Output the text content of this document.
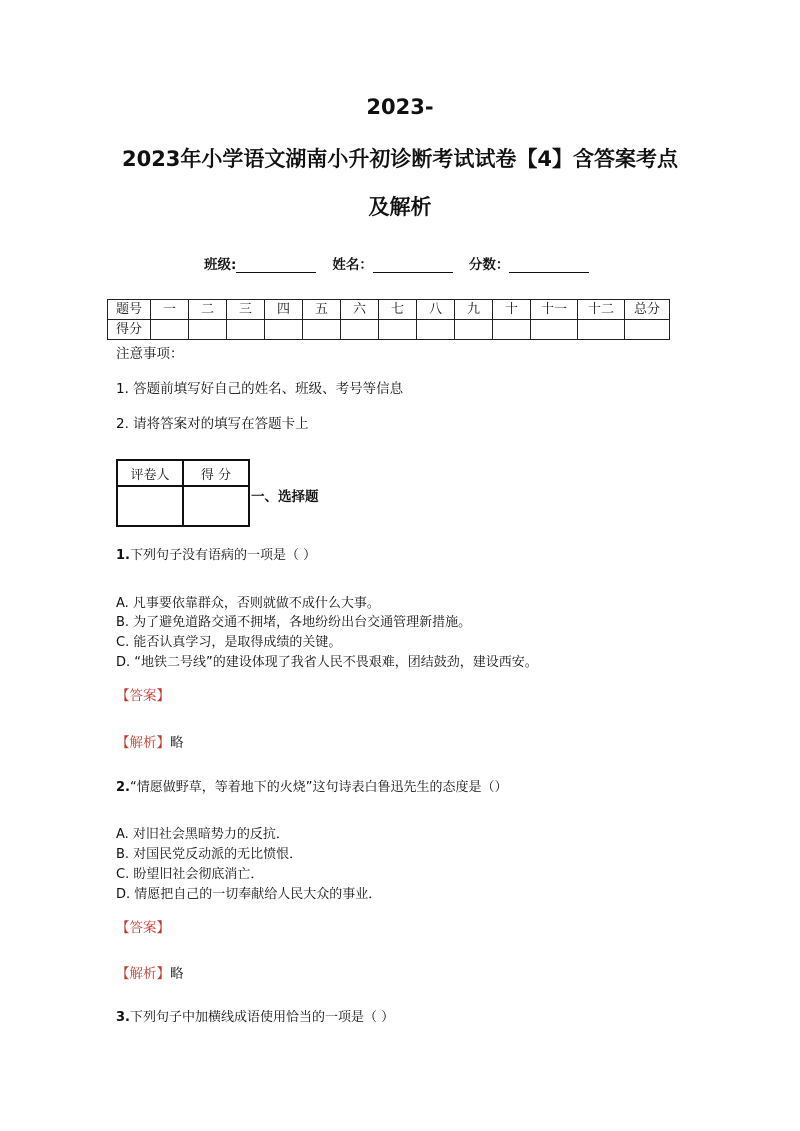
2023-
2023年小学语文湖南小升初诊断考试试卷【4】含答案考点
及解析
班级:	姓名：	分数：
题号	一	二	三	四	五	六	七	八	九	十	十一	十二	总分
得分													
注意事项：
1. 答题前填写好自己的姓名、班级、考号等信息
2. 请将答案对的填写在答题卡上
评卷人	得 分

一、选择题
1.下列句子没有语病的一项是（ ）
A. 凡事要依靠群众，否则就做不成什么大事。
B. 为了避免道路交通不拥堵，各地纷纷出台交通管理新措施。
C. 能否认真学习，是取得成绩的关键。
D. “地铁二号线”的建设体现了我省人民不畏艰难，团结鼓劲，建设西安。
【答案】
【解析】略
2.“情愿做野草，等着地下的火烧”这句诗表白鲁迅先生的态度是（）
A. 对旧社会黑暗势力的反抗．
B. 对国民党反动派的无比愤恨．
C. 盼望旧社会彻底消亡．
D. 情愿把自己的一切奉献给人民大众的事业．
【答案】
【解析】略
3.下列句子中加横线成语使用恰当的一项是（ ）
